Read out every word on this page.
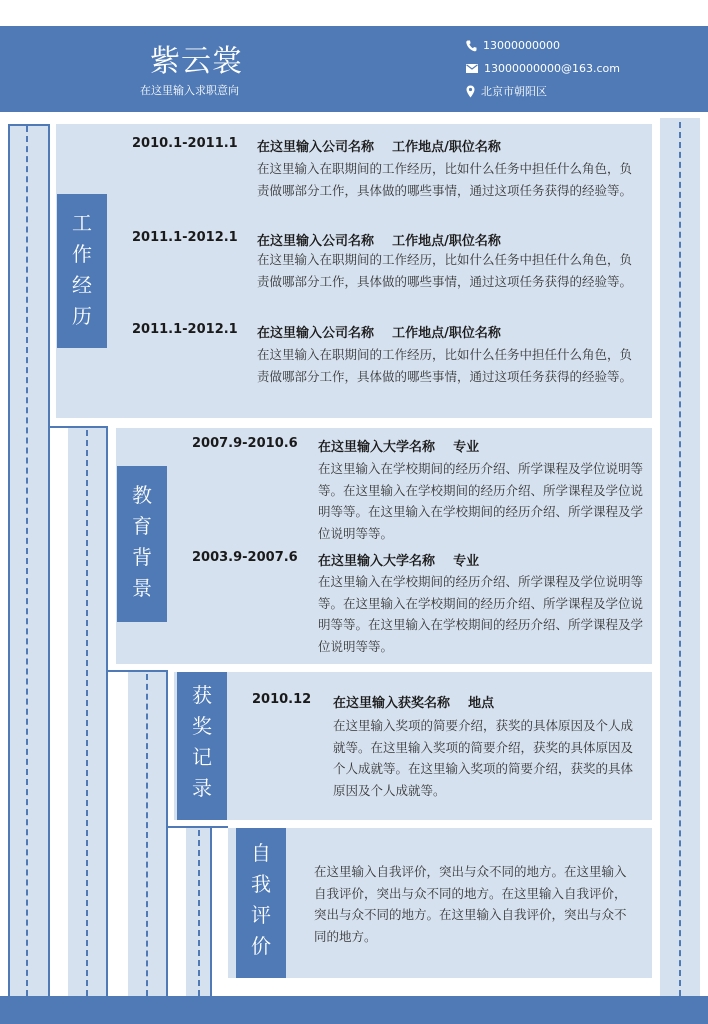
紫云裳
在这里输入求职意向
13000000000
13000000000@163.com
北京市朝阳区
工
作
经
历
2010.1-2011.1 在这里输入公司名称    工作地点/职位名称
在这里输入在职期间的工作经历，比如什么任务中担任什么角色，负责做哪部分工作，具体做的哪些事情，通过这项任务获得的经验等。
2011.1-2012.1 在这里输入公司名称    工作地点/职位名称
在这里输入在职期间的工作经历，比如什么任务中担任什么角色，负责做哪部分工作，具体做的哪些事情，通过这项任务获得的经验等。
2011.1-2012.1 在这里输入公司名称    工作地点/职位名称
在这里输入在职期间的工作经历，比如什么任务中担任什么角色，负责做哪部分工作，具体做的哪些事情，通过这项任务获得的经验等。
教
育
背
景
2007.9-2010.6 在这里输入大学名称    专业
在这里输入在学校期间的经历介绍、所学课程及学位说明等等。在这里输入在学校期间的经历介绍、所学课程及学位说明等等。在这里输入在学校期间的经历介绍、所学课程及学位说明等等。
2003.9-2007.6 在这里输入大学名称    专业
在这里输入在学校期间的经历介绍、所学课程及学位说明等等。在这里输入在学校期间的经历介绍、所学课程及学位说明等等。在这里输入在学校期间的经历介绍、所学课程及学位说明等等。
获
奖
记
录
2010.12 在这里输入获奖名称    地点
在这里输入奖项的简要介绍，获奖的具体原因及个人成就等。在这里输入奖项的简要介绍，获奖的具体原因及个人成就等。在这里输入奖项的简要介绍，获奖的具体原因及个人成就等。
自
我
评
价
在这里输入自我评价，突出与众不同的地方。在这里输入自我评价，突出与众不同的地方。在这里输入自我评价，突出与众不同的地方。在这里输入自我评价，突出与众不同的地方。
